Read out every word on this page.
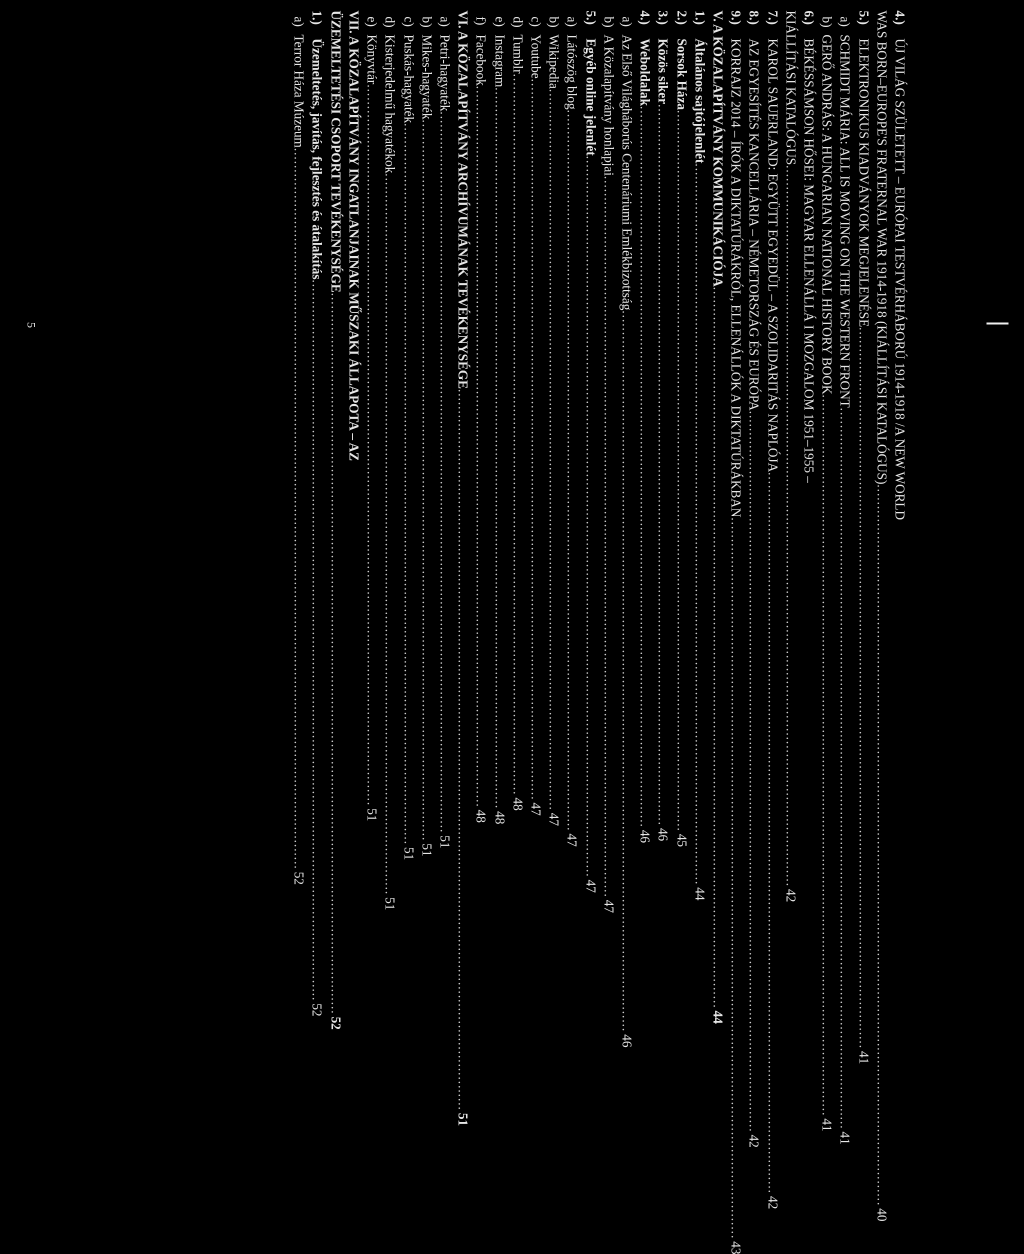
4.)
ÚJ VILÁG SZÜLETETT – EURÓPAI TESTVÉRHÁBORÚ 1914-1918 /A NEW WORLD
WAS BORN–EUROPE'S FRATERNAL WAR 1914-1918 (KIÁLLÍTÁSI KATALÓGUS)
.....
40
5.)
ELEKTRONIKUS KIADVÁNYOK MEGJELENÉSE
.....
41
a)
SCHMIDT MÁRIA: ALL IS MOVING ON THE WESTERN FRONT
.....
41
b)
GERŐ ANDRÁS: A HUNGARIAN NATIONAL HISTORY BOOK
.....
41
6.)
BÉKÉSSÁMSON HŐSEI: MAGYAR ELLENÁLLÁ I MOZGALOM 1951–1955 –
KIÁLLÍTÁSI KATALÓGUS
.....
42
7.)
KAROL SAUERLAND: EGYÜTT EGYEDÜL – A SZOLIDARITÁS NAPLÓJA
.....
42
8.)
AZ EGYESÍTÉS KANCELLÁRIA – NÉMETORSZÁG ÉS EURÓPA
.....
42
9.)
KORRAJZ 2014 – ÍRÓK A DIKTATÚRÁKRÓL, ELLENÁLLÓK A DIKTATÚRÁKBAN
.....
43
V. A KÖZALAPÍTVÁNY KOMMUNIKÁCIÓJA
.....
44
1.)
Általános sajtójelenlét
.....
44
2.)
Sorsok Háza
.....
45
3.)
Közös siker
.....
46
4.)
Weboldalak
.....
46
a)
Az Első Világháborús Centenáriumi Emlékbizottság
.....
46
b)
A Közalapítvány honlapjai
.....
47
5.)
Egyéb online jelenlét
.....
47
a)
Látószög blog
.....
47
b)
Wikipedia
.....
47
c)
Youtube
.....
47
d)
Tumblr
.....
48
e)
Instagram
.....
48
f)
Facebook
.....
48
VI. A KÖZALAPÍTVÁNY ARCHÍVUMÁNAK TEVÉKENYSÉGE
.....
51
a)
Petri-hagyaték
.....
51
b)
Mikes-hagyaték
.....
51
c)
Puskás-hagyaték
.....
51
d)
Kisterjedelmű hagyatékok
.....
51
e)
Könyvtár
.....
51
VII. A KÖZALAPÍTVÁNY INGATLANJAINAK MŰSZAKI ÁLLAPOTA – AZ
ÜZEMELTETÉSI CSOPORT TEVÉKENYSÉGE
.....
52
1.)
Üzemeltetés, javítás, fejlesztés és átalakítás
.....
52
a)
Terror Háza Múzeum
.....
52
5
